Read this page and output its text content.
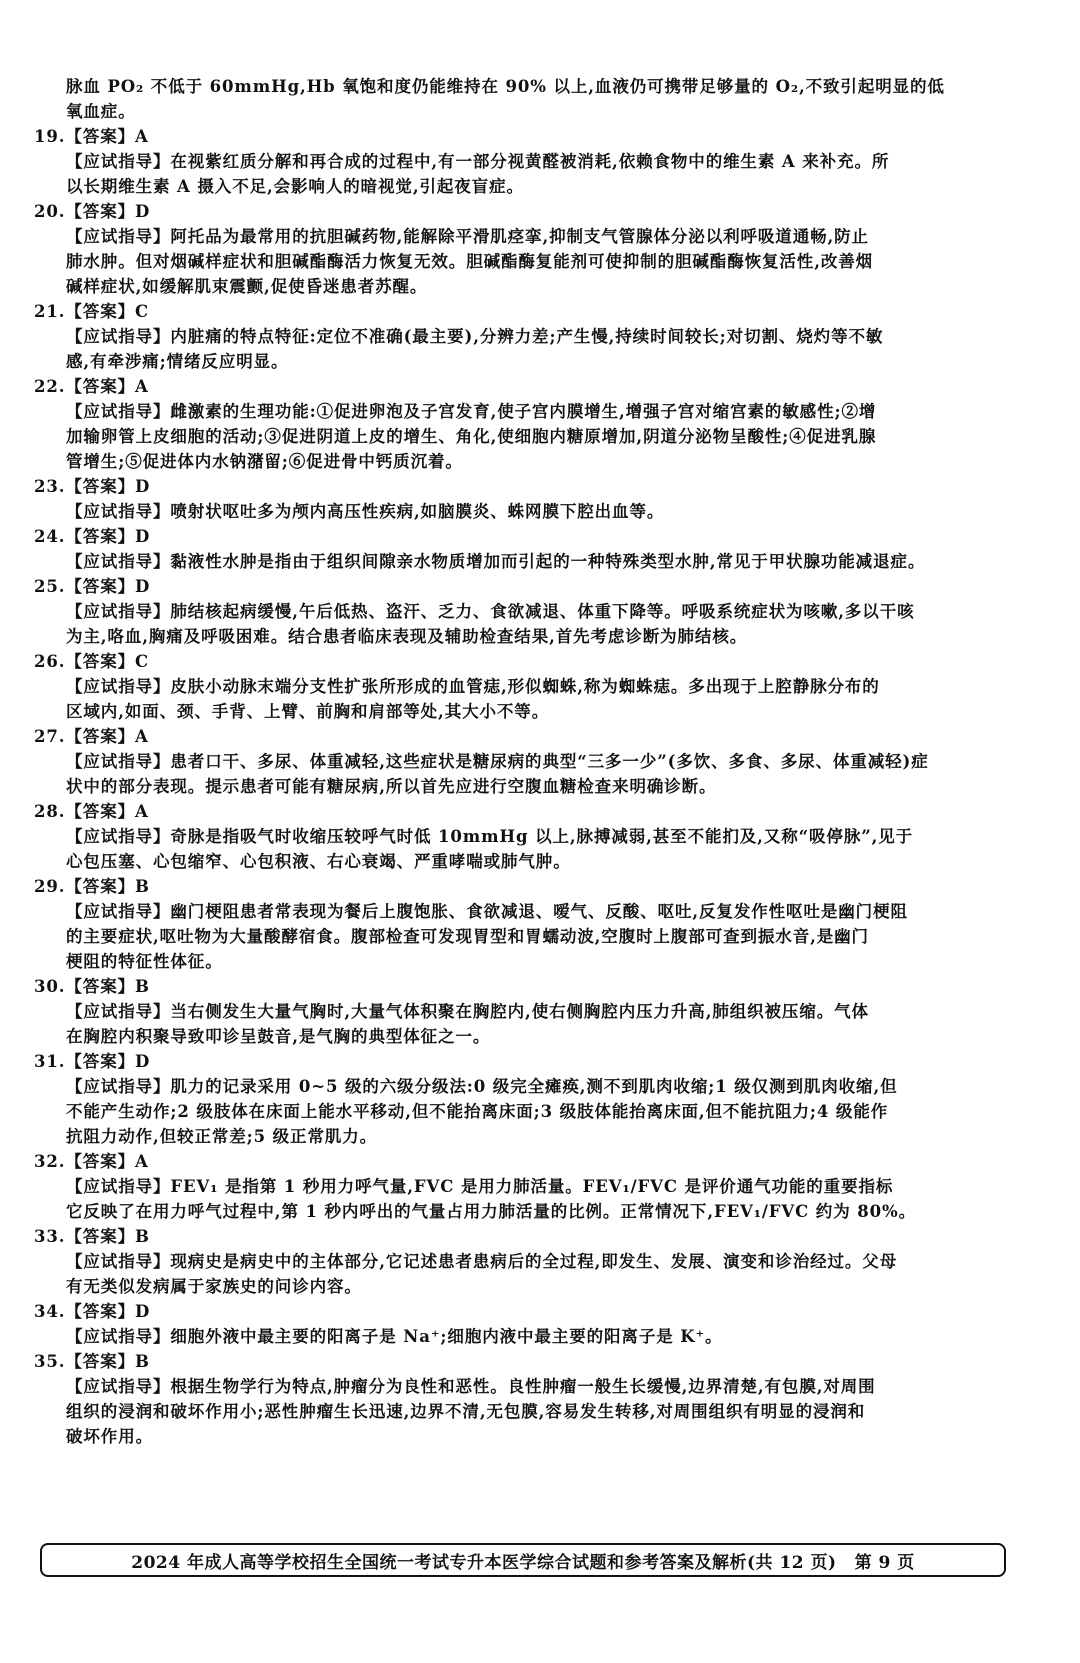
脉血 PO₂ 不低于 60mmHg,Hb 氧饱和度仍能维持在 90% 以上,血液仍可携带足够量的 O₂,不致引起明显的低
氧血症。
19.【答案】A
【应试指导】在视紫红质分解和再合成的过程中,有一部分视黄醛被消耗,依赖食物中的维生素 A 来补充。所
以长期维生素 A 摄入不足,会影响人的暗视觉,引起夜盲症。
20.【答案】D
【应试指导】阿托品为最常用的抗胆碱药物,能解除平滑肌痉挛,抑制支气管腺体分泌以利呼吸道通畅,防止
肺水肿。但对烟碱样症状和胆碱酯酶活力恢复无效。胆碱酯酶复能剂可使抑制的胆碱酯酶恢复活性,改善烟
碱样症状,如缓解肌束震颤,促使昏迷患者苏醒。
21.【答案】C
【应试指导】内脏痛的特点特征:定位不准确(最主要),分辨力差;产生慢,持续时间较长;对切割、烧灼等不敏
感,有牵涉痛;情绪反应明显。
22.【答案】A
【应试指导】雌激素的生理功能:①促进卵泡及子宫发育,使子宫内膜增生,增强子宫对缩宫素的敏感性;②增
加输卵管上皮细胞的活动;③促进阴道上皮的增生、角化,使细胞内糖原增加,阴道分泌物呈酸性;④促进乳腺
管增生;⑤促进体内水钠潴留;⑥促进骨中钙质沉着。
23.【答案】D
【应试指导】喷射状呕吐多为颅内高压性疾病,如脑膜炎、蛛网膜下腔出血等。
24.【答案】D
【应试指导】黏液性水肿是指由于组织间隙亲水物质增加而引起的一种特殊类型水肿,常见于甲状腺功能减退症。
25.【答案】D
【应试指导】肺结核起病缓慢,午后低热、盗汗、乏力、食欲减退、体重下降等。呼吸系统症状为咳嗽,多以干咳
为主,咯血,胸痛及呼吸困难。结合患者临床表现及辅助检查结果,首先考虑诊断为肺结核。
26.【答案】C
【应试指导】皮肤小动脉末端分支性扩张所形成的血管痣,形似蜘蛛,称为蜘蛛痣。多出现于上腔静脉分布的
区域内,如面、颈、手背、上臂、前胸和肩部等处,其大小不等。
27.【答案】A
【应试指导】患者口干、多尿、体重减轻,这些症状是糖尿病的典型“三多一少”(多饮、多食、多尿、体重减轻)症
状中的部分表现。提示患者可能有糖尿病,所以首先应进行空腹血糖检查来明确诊断。
28.【答案】A
【应试指导】奇脉是指吸气时收缩压较呼气时低 10mmHg 以上,脉搏减弱,甚至不能扪及,又称“吸停脉”,见于
心包压塞、心包缩窄、心包积液、右心衰竭、严重哮喘或肺气肿。
29.【答案】B
【应试指导】幽门梗阻患者常表现为餐后上腹饱胀、食欲减退、嗳气、反酸、呕吐,反复发作性呕吐是幽门梗阻
的主要症状,呕吐物为大量酸酵宿食。腹部检查可发现胃型和胃蠕动波,空腹时上腹部可查到振水音,是幽门
梗阻的特征性体征。
30.【答案】B
【应试指导】当右侧发生大量气胸时,大量气体积聚在胸腔内,使右侧胸腔内压力升高,肺组织被压缩。气体
在胸腔内积聚导致叩诊呈鼓音,是气胸的典型体征之一。
31.【答案】D
【应试指导】肌力的记录采用 0~5 级的六级分级法:0 级完全瘫痪,测不到肌肉收缩;1 级仅测到肌肉收缩,但
不能产生动作;2 级肢体在床面上能水平移动,但不能抬离床面;3 级肢体能抬离床面,但不能抗阻力;4 级能作
抗阻力动作,但较正常差;5 级正常肌力。
32.【答案】A
【应试指导】FEV₁ 是指第 1 秒用力呼气量,FVC 是用力肺活量。FEV₁/FVC 是评价通气功能的重要指标
它反映了在用力呼气过程中,第 1 秒内呼出的气量占用力肺活量的比例。正常情况下,FEV₁/FVC 约为 80%。
33.【答案】B
【应试指导】现病史是病史中的主体部分,它记述患者患病后的全过程,即发生、发展、演变和诊治经过。父母
有无类似发病属于家族史的问诊内容。
34.【答案】D
【应试指导】细胞外液中最主要的阳离子是 Na⁺;细胞内液中最主要的阳离子是 K⁺。
35.【答案】B
【应试指导】根据生物学行为特点,肿瘤分为良性和恶性。良性肿瘤一般生长缓慢,边界清楚,有包膜,对周围
组织的浸润和破坏作用小;恶性肿瘤生长迅速,边界不清,无包膜,容易发生转移,对周围组织有明显的浸润和
破坏作用。
2024 年成人高等学校招生全国统一考试专升本医学综合试题和参考答案及解析(共 12 页) 第 9 页
